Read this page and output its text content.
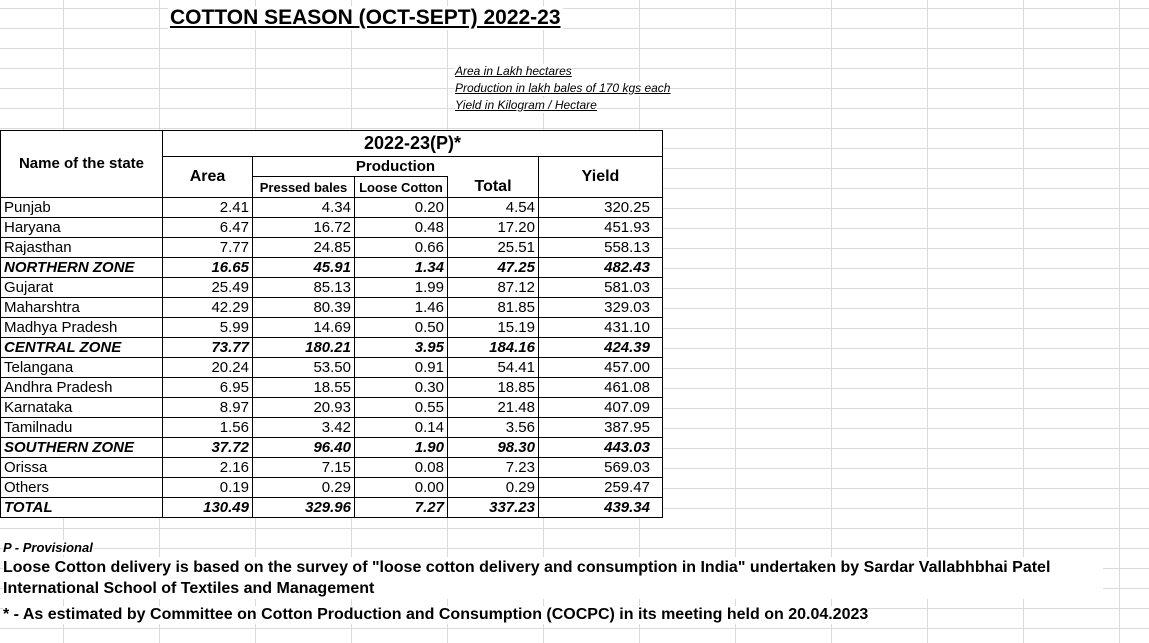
COTTON SEASON (OCT-SEPT) 2022-23
Area in Lakh hectares
Production in lakh bales of 170 kgs each
Yield in Kilogram / Hectare
Name of the state	2022-23(P)*				
	Area	Production			Yield
		Pressed bales	Loose Cotton	Total	
Punjab	2.41	4.34	0.20	4.54	320.25
Haryana	6.47	16.72	0.48	17.20	451.93
Rajasthan	7.77	24.85	0.66	25.51	558.13
NORTHERN ZONE	16.65	45.91	1.34	47.25	482.43
Gujarat	25.49	85.13	1.99	87.12	581.03
Maharshtra	42.29	80.39	1.46	81.85	329.03
Madhya Pradesh	5.99	14.69	0.50	15.19	431.10
CENTRAL ZONE	73.77	180.21	3.95	184.16	424.39
Telangana	20.24	53.50	0.91	54.41	457.00
Andhra Pradesh	6.95	18.55	0.30	18.85	461.08
Karnataka	8.97	20.93	0.55	21.48	407.09
Tamilnadu	1.56	3.42	0.14	3.56	387.95
SOUTHERN ZONE	37.72	96.40	1.90	98.30	443.03
Orissa	2.16	7.15	0.08	7.23	569.03
Others	0.19	0.29	0.00	0.29	259.47
TOTAL	130.49	329.96	7.27	337.23	439.34
P - Provisional
Loose Cotton delivery is based on the survey of "loose cotton delivery and consumption in India" undertaken by Sardar Vallabhbhai Patel International School of Textiles and Management
* - As estimated by Committee on Cotton Production and Consumption (COCPC) in its meeting held on 20.04.2023
